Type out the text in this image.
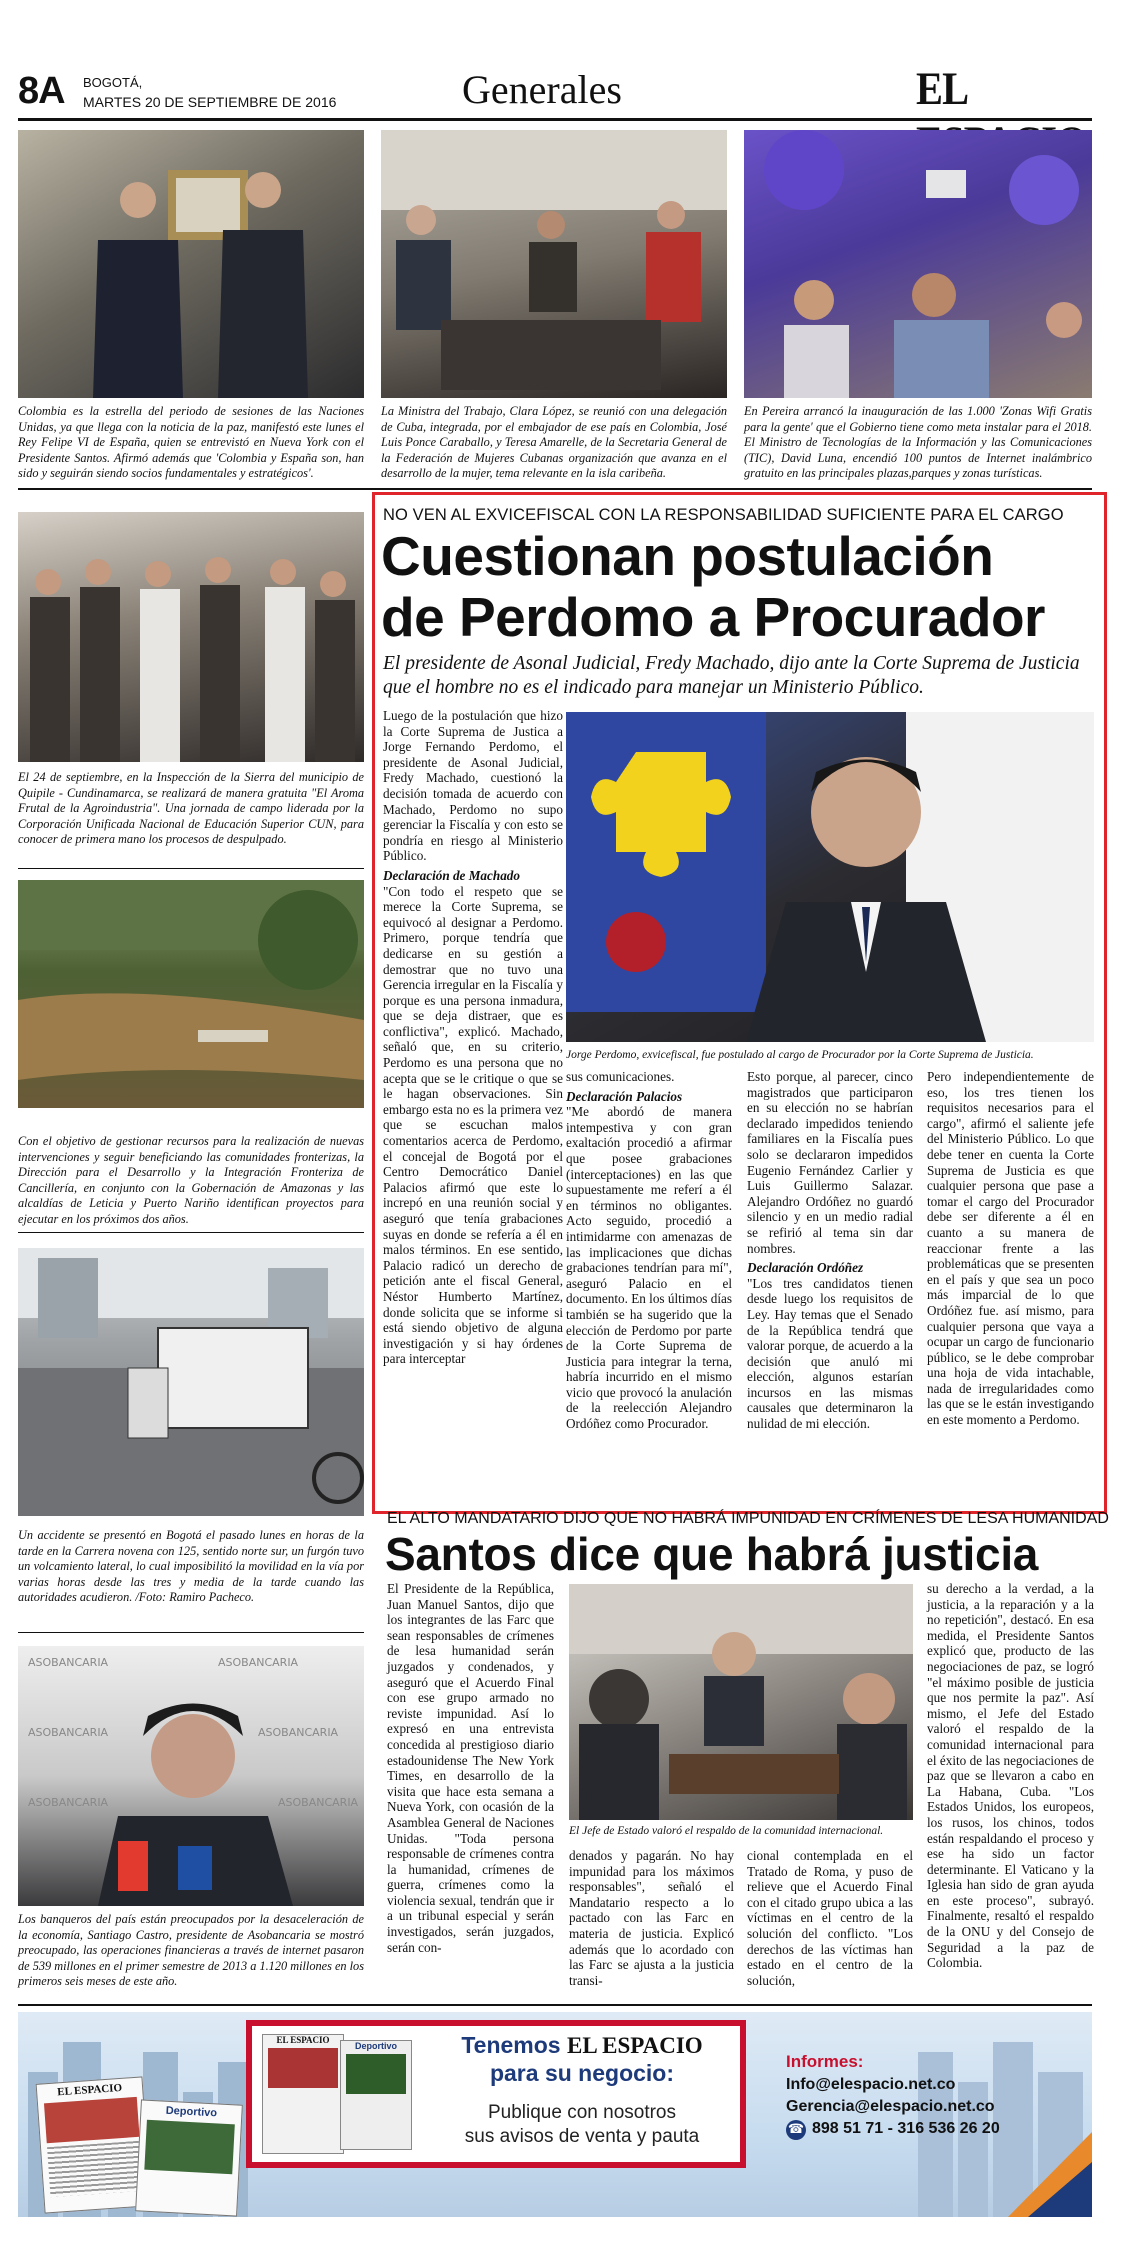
8A BOGOTÁ,
MARTES 20 DE SEPTIEMBRE DE 2016	Generales	EL
Colombia es la estrella del periodo de sesiones de las Naciones Unidas, ya que llega con la noticia de la paz, manifestó este lunes el Rey Felipe VI de España, quien se entrevistó en Nueva York con el Presidente Santos. Afirmó además que 'Colombia y España son, han sido y seguirán siendo socios fundamentales y estratégicos'.
La Ministra del Trabajo, Clara López, se reunió con una delegación de Cuba, integrada, por el embajador de ese país en Colombia, José Luis Ponce Caraballo, y Teresa Amarelle, de la Secretaria General de la Federación de Mujeres Cubanas organización que avanza en el desarrollo de la mujer, tema relevante en la isla caribeña.
En Pereira arrancó la inauguración de las 1.000 'Zonas Wifi Gratis para la gente' que el Gobierno tiene como meta instalar para el 2018. El Ministro de Tecnologías de la Información y las Comunicaciones (TIC), David Luna, encendió 100 puntos de Internet inalámbrico gratuito en las principales plazas,parques y zonas turísticas.
El 24 de septiembre, en la Inspección de la Sierra del municipio de Quipile - Cundinamarca, se realizará de manera gratuita "El Aroma Frutal de la Agroindustria". Una jornada de campo liderada por la Corporación Unificada Nacional de Educación Superior CUN, para conocer de primera mano los procesos de despulpado.
Con el objetivo de gestionar recursos para la realización de nuevas intervenciones y seguir beneficiando las comunidades fronterizas, la Dirección para el Desarrollo y la Integración Fronteriza de Cancillería, en conjunto con la Gobernación de Amazonas y las alcaldías de Leticia y Puerto Nariño identifican proyectos para ejecutar en los próximos dos años.
Un accidente se presentó en Bogotá el pasado lunes en horas de la tarde en la Carrera novena con 125, sentido norte sur, un furgón tuvo un volcamiento lateral, lo cual imposibilitó la movilidad en la vía por varias horas desde las tres y media de la tarde cuando las autoridades acudieron. /Foto: Ramiro Pacheco.
ASOBANCARIA	ASOBANCARIA
ASOBANCARIA	ASOBANCARIA
ASOBANCARIA	ASOBANCARIA
Los banqueros del país están preocupados por la desaceleración de la economía, Santiago Castro, presidente de Asobancaria se mostró preocupado, las operaciones financieras a través de internet pasaron de 539 millones en el primer semestre de 2013 a 1.120 millones en los primeros seis meses de este año.
NO VEN AL EXVICEFISCAL CON LA RESPONSABILIDAD SUFICIENTE PARA EL CARGO
Cuestionan postulación
de Perdomo a Procurador
El presidente de Asonal Judicial, Fredy Machado, dijo ante la Corte Suprema de Justicia que el hombre no es el indicado para manejar un Ministerio Público.

Luego de la postulación que hizo la Corte Suprema de Justica a Jorge Fernando Perdomo, el presidente de Asonal Judicial, Fredy Machado, cuestionó la decisión tomada de acuerdo con Machado, Perdomo no supo gerenciar la Fiscalía y con esto se pondría en riesgo al Ministerio Público.

Declaración de Machado

"Con todo el respeto que se merece la Corte Suprema, se equivocó al designar a Perdomo. Primero, porque tendría que dedicarse en su gestión a demostrar que no tuvo una Gerencia irregular en la Fiscalía y porque es una persona inmadura, que se deja distraer, que es conflictiva", explicó. Machado, señaló que, en su criterio, Perdomo es una persona que no acepta que se le critique o que se le hagan observaciones. Sin embargo esta no es la primera vez que se escuchan malos comentarios acerca de Perdomo, el concejal de Bogotá por el Centro Democrático Daniel Palacios afirmó que este lo increpó en una reunión social y aseguró que tenía grabaciones suyas en donde se refería a él en malos términos. En ese sentido, Palacio radicó un derecho de petición ante el fiscal General, Néstor Humberto Martínez, donde solicita que se informe si está siendo objetivo de alguna investigación y si hay órdenes para interceptar

Jorge Perdomo, exvicefiscal, fue postulado al cargo de Procurador por la Corte Suprema de Justicia.

sus comunicaciones.

Declaración Palacios

"Me abordó de manera intempestiva y con gran exaltación procedió a afirmar que posee grabaciones (interceptaciones) en las que supuestamente me referí a él en términos no obligantes. Acto seguido, procedió a intimidarme con amenazas de las implicaciones que dichas grabaciones tendrían para mí", aseguró Palacio en el documento. En los últimos días también se ha sugerido que la elección de Perdomo por parte de la Corte Suprema de Justicia para integrar la terna, habría incurrido en el mismo vicio que provocó la anulación de la reelección Alejandro Ordóñez como Procurador.

Esto porque, al parecer, cinco magistrados que participaron en su elección no se habrían declarado impedidos teniendo familiares en la Fiscalía pues solo se declararon impedidos Eugenio Fernández Carlier y Luis Guillermo Salazar. Alejandro Ordóñez no guardó silencio y en un medio radial se refirió al tema sin dar nombres.

Declaración Ordóñez

"Los tres candidatos tienen desde luego los requisitos de Ley. Hay temas que el Senado de la República tendrá que valorar porque, de acuerdo a la decisión que anuló mi elección, algunos estarían incursos en las mismas causales que determinaron la nulidad de mi elección.

Pero independientemente de eso, los tres tienen los requisitos necesarios para el cargo", afirmó el saliente jefe del Ministerio Público. Lo que debe tener en cuenta la Corte Suprema de Justicia es que cualquier persona que pase a tomar el cargo del Procurador debe ser diferente a él en cuanto a su manera de reaccionar frente a las problemáticas que se presenten en el país y que sea un poco más imparcial de lo que Ordóñez fue. así mismo, para cualquier persona que vaya a ocupar un cargo de funcionario público, se le debe comprobar una hoja de vida intachable, nada de irregularidades como las que se le están investigando en este momento a Perdomo.

EL ALTO MANDATARIO DIJO QUE NO HABRÁ IMPUNIDAD EN CRÍMENES DE LESA HUMANIDAD
Santos dice que habrá justicia

El Presidente de la República, Juan Manuel Santos, dijo que los integrantes de las Farc que sean responsables de crímenes de lesa humanidad serán juzgados y condenados, y aseguró que el Acuerdo Final con ese grupo armado no reviste impunidad. Así lo expresó en una entrevista concedida al prestigioso diario estadounidense The New York Times, en desarrollo de la visita que hace esta semana a Nueva York, con ocasión de la Asamblea General de Naciones Unidas. "Toda persona responsable de crímenes contra la humanidad, crímenes de guerra, crímenes como la violencia sexual, tendrán que ir a un tribunal especial y serán investigados, serán juzgados, serán con-

El Jefe de Estado valoró el respaldo de la comunidad internacional.

denados y pagarán. No hay impunidad para los máximos responsables", señaló el Mandatario respecto a lo pactado con las Farc en materia de justicia. Explicó además que lo acordado con las Farc se ajusta a la justicia transi-

cional contemplada en el Tratado de Roma, y puso de relieve que el Acuerdo Final con el citado grupo ubica a las víctimas en el centro de la solución del conflicto. "Los derechos de las víctimas han estado en el centro de la solución,

su derecho a la verdad, a la justicia, a la reparación y a la no repetición", destacó. En esa medida, el Presidente Santos explicó que, producto de las negociaciones de paz, se logró "el máximo posible de justicia que nos permite la paz". Así mismo, el Jefe del Estado valoró el respaldo de la comunidad internacional para el éxito de las negociaciones de paz que se llevaron a cabo en La Habana, Cuba. "Los Estados Unidos, los europeos, los rusos, los chinos, todos están respaldando el proceso y ese ha sido un factor determinante. El Vaticano y la Iglesia han sido de gran ayuda en este proceso", subrayó. Finalmente, resaltó el respaldo de la ONU y del Consejo de Seguridad a la paz de Colombia.

EL ESPACIO
Deportivo
EL ESPACIO
Deportivo	Tenemos EL ESPACIO
para su negocio:
Publique con nosotros
sus avisos de venta y pauta
Informes:
Info@elespacio.net.co
Gerencia@elespacio.net.co
☎ 898 51 71 - 316 536 26 20
